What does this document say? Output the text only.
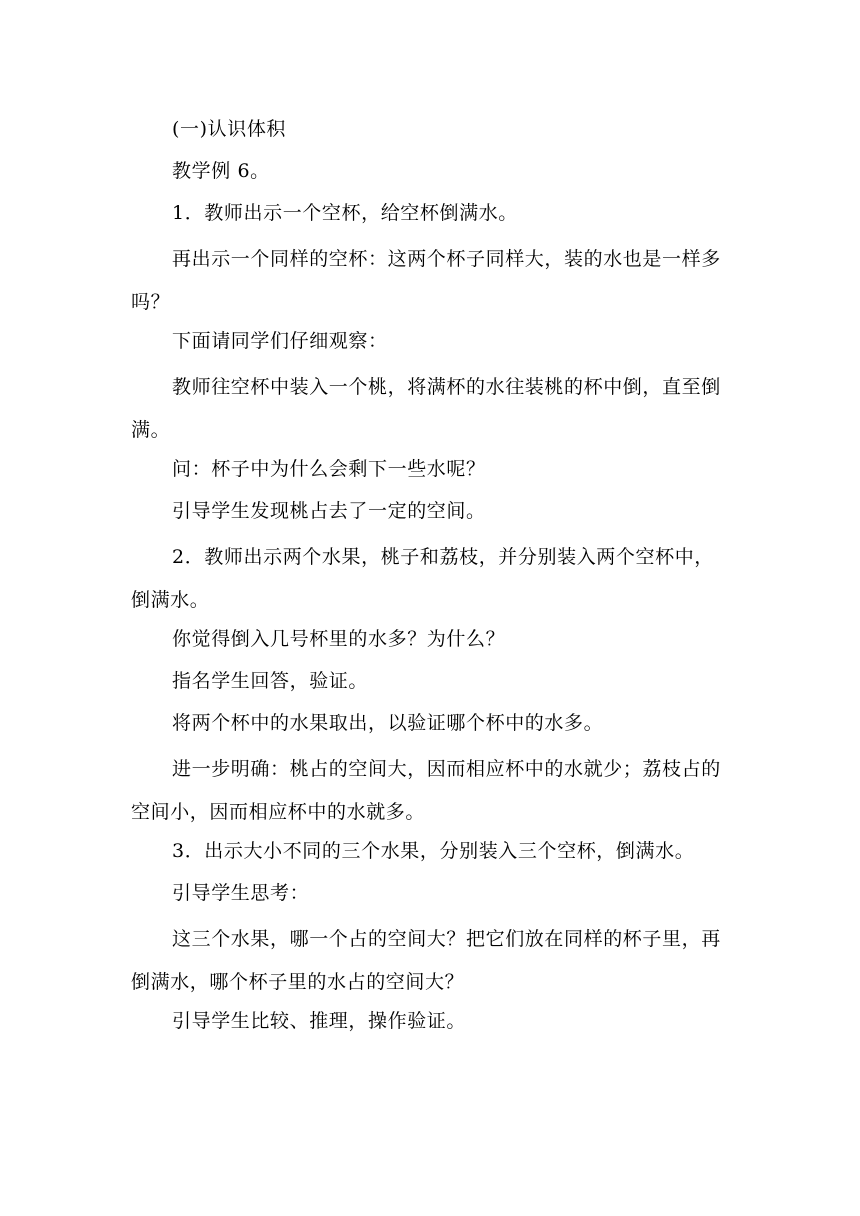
(一)认识体积

教学例 6。

1．教师出示一个空杯，给空杯倒满水。

再出示一个同样的空杯：这两个杯子同样大，装的水也是一样多吗？

下面请同学们仔细观察：

教师往空杯中装入一个桃，将满杯的水往装桃的杯中倒，直至倒满。

问：杯子中为什么会剩下一些水呢？

引导学生发现桃占去了一定的空间。

2．教师出示两个水果，桃子和荔枝，并分别装入两个空杯中，倒满水。

你觉得倒入几号杯里的水多？为什么？

指名学生回答，验证。

将两个杯中的水果取出，以验证哪个杯中的水多。

进一步明确：桃占的空间大，因而相应杯中的水就少；荔枝占的空间小，因而相应杯中的水就多。

3．出示大小不同的三个水果，分别装入三个空杯，倒满水。

引导学生思考：

这三个水果，哪一个占的空间大？把它们放在同样的杯子里，再倒满水，哪个杯子里的水占的空间大？

引导学生比较、推理，操作验证。
